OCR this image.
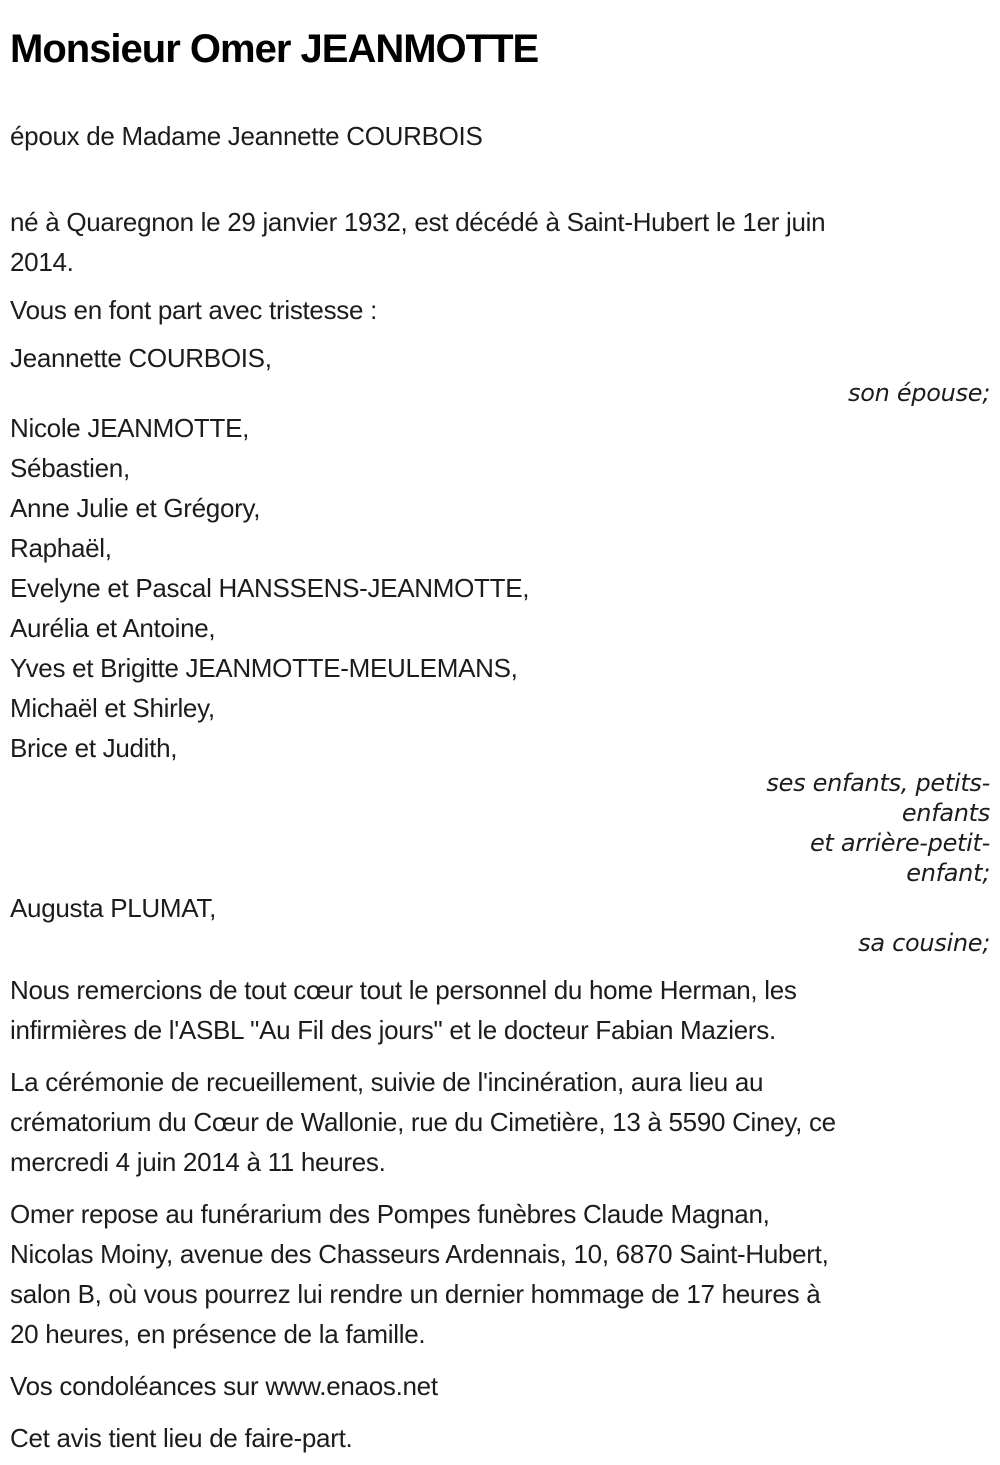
Monsieur Omer JEANMOTTE

époux de Madame Jeannette COURBOIS

né à Quaregnon le 29 janvier 1932, est décédé à Saint-Hubert le 1er juin
2014.

Vous en font part avec tristesse :

Jeannette COURBOIS,
son épouse;
Nicole JEANMOTTE,
Sébastien,
Anne Julie et Grégory,
Raphaël,
Evelyne et Pascal HANSSENS-JEANMOTTE,
Aurélia et Antoine,
Yves et Brigitte JEANMOTTE-MEULEMANS,
Michaël et Shirley,
Brice et Judith,
ses enfants, petits-
enfants
et arrière-petit-
enfant;
Augusta PLUMAT,
sa cousine;
Nous remercions de tout cœur tout le personnel du home Herman, les
infirmières de l'ASBL "Au Fil des jours" et le docteur Fabian Maziers.
La cérémonie de recueillement, suivie de l'incinération, aura lieu au
crématorium du Cœur de Wallonie, rue du Cimetière, 13 à 5590 Ciney, ce
mercredi 4 juin 2014 à 11 heures.
Omer repose au funérarium des Pompes funèbres Claude Magnan,
Nicolas Moiny, avenue des Chasseurs Ardennais, 10, 6870 Saint-Hubert,
salon B, où vous pourrez lui rendre un dernier hommage de 17 heures à
20 heures, en présence de la famille.
Vos condoléances sur www.enaos.net
Cet avis tient lieu de faire-part.
